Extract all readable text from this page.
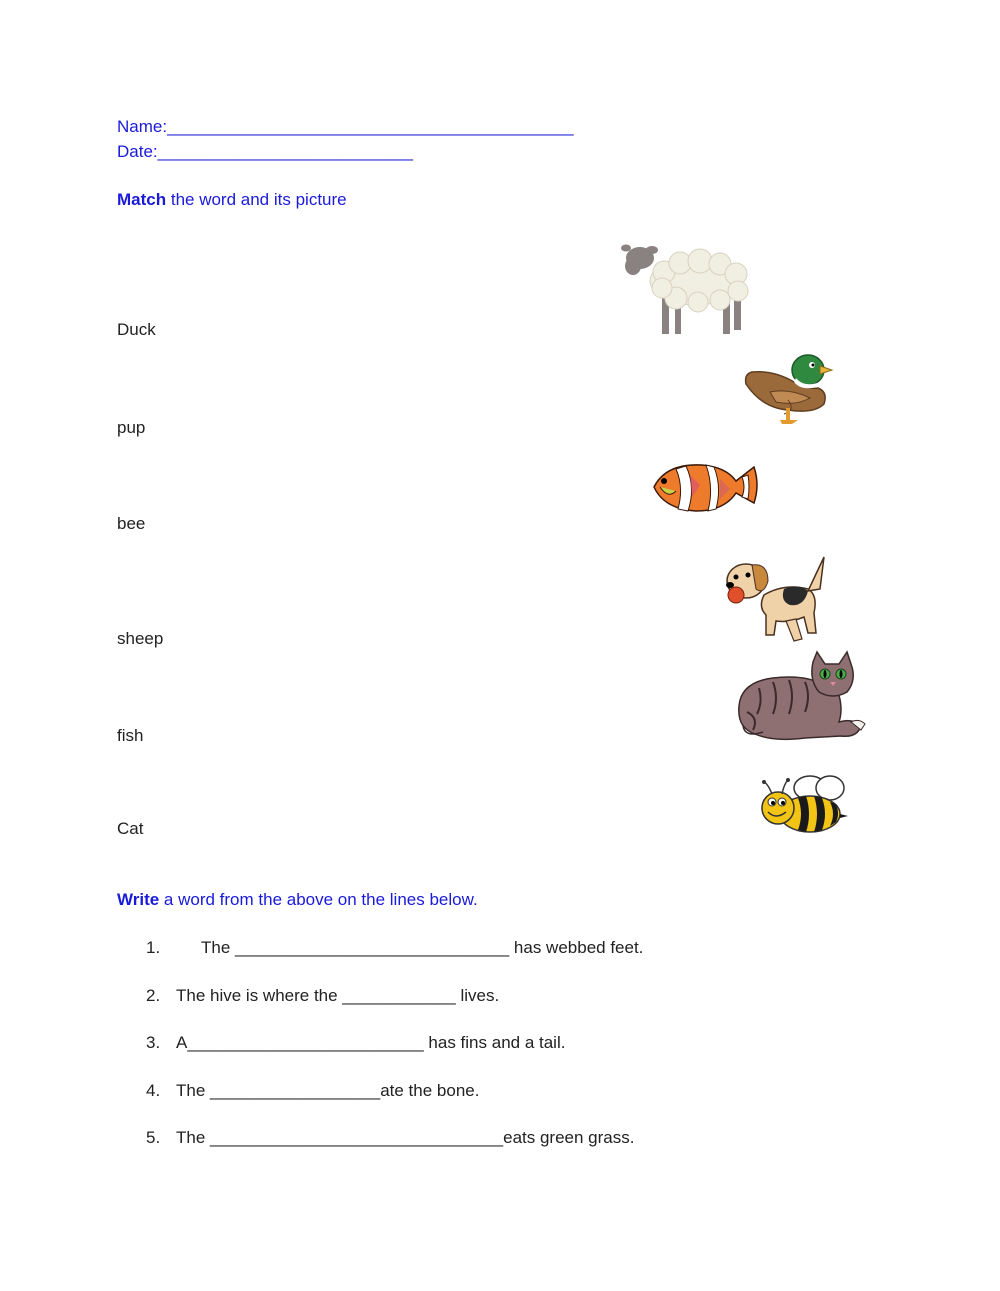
Name:___________________________________________
Date:___________________________
Match the word and its picture
Duck
pup
bee
sheep
fish
Cat
Write a word from the above on the lines below.
1. The _____________________________ has webbed feet.
2. The hive is where the ____________ lives.
3. A_________________________ has fins and a tail.
4. The __________________ate the bone.
5. The _______________________________eats green grass.
